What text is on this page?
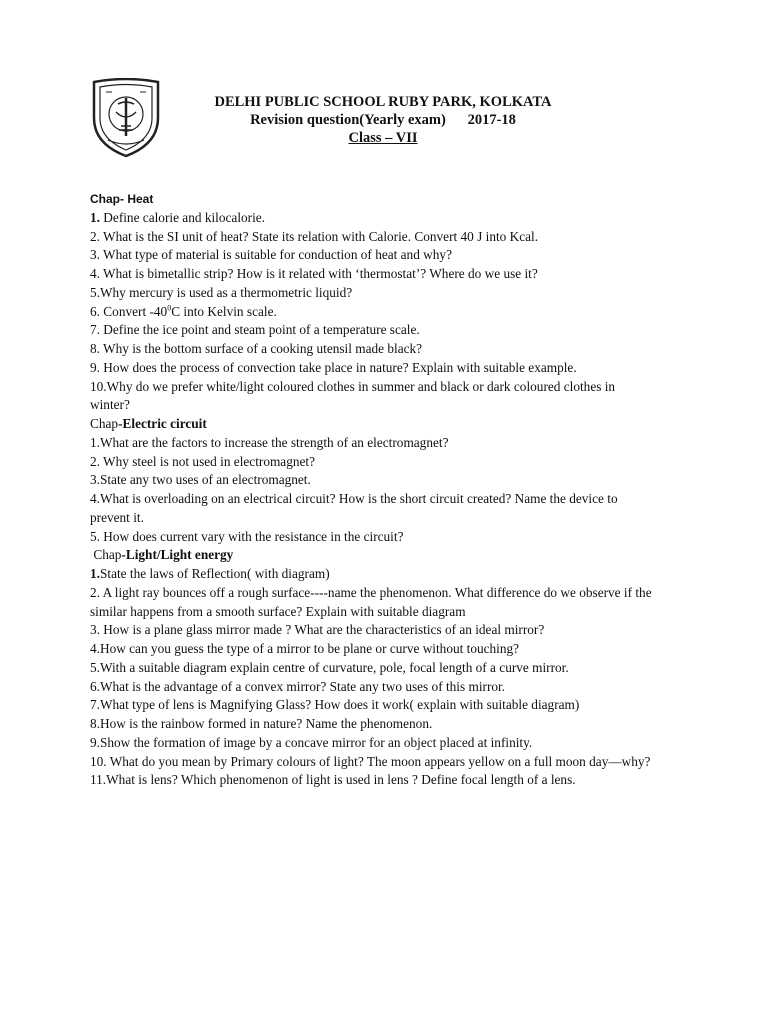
DELHI PUBLIC SCHOOL RUBY PARK, KOLKATA
Revision question(Yearly exam) 2017-18
Class – VII
Chap- Heat
1. Define calorie and kilocalorie.
2. What is the SI unit of heat? State its relation with Calorie. Convert 40 J into Kcal.
3. What type of material is suitable for conduction of heat and why?
4. What is bimetallic strip? How is it related with ‘thermostat’? Where do we use it?
5.Why mercury is used as a thermometric liquid?
6. Convert $-40^0C$ into Kelvin scale.
7. Define the ice point and steam point of a temperature scale.
8. Why is the bottom surface of a cooking utensil made black?
9. How does the process of convection take place in nature? Explain with suitable example.
10.Why do we prefer white/light coloured clothes in summer and black or dark coloured clothes in
winter?
Chap-Electric circuit
1.What are the factors to increase the strength of an electromagnet?
2. Why steel is not used in electromagnet?
3.State any two uses of an electromagnet.
4.What is overloading on an electrical circuit? How is the short circuit created? Name the device to
prevent it.
5. How does current vary with the resistance in the circuit?
Chap-Light/Light energy
1.State the laws of Reflection( with diagram)
2. A light ray bounces off a rough surface----name the phenomenon. What difference do we observe if the
similar happens from a smooth surface? Explain with suitable diagram
3. How is a plane glass mirror made ? What are the characteristics of an ideal mirror?
4.How can you guess the type of a mirror to be plane or curve without touching?
5.With a suitable diagram explain centre of curvature, pole, focal length of a curve mirror.
6.What is the advantage of a convex mirror? State any two uses of this mirror.
7.What type of lens is Magnifying Glass? How does it work( explain with suitable diagram)
8.How is the rainbow formed in nature? Name the phenomenon.
9.Show the formation of image by a concave mirror for an object placed at infinity.
10. What do you mean by Primary colours of light? The moon appears yellow on a full moon day—why?
11.What is lens? Which phenomenon of light is used in lens ? Define focal length of a lens.
